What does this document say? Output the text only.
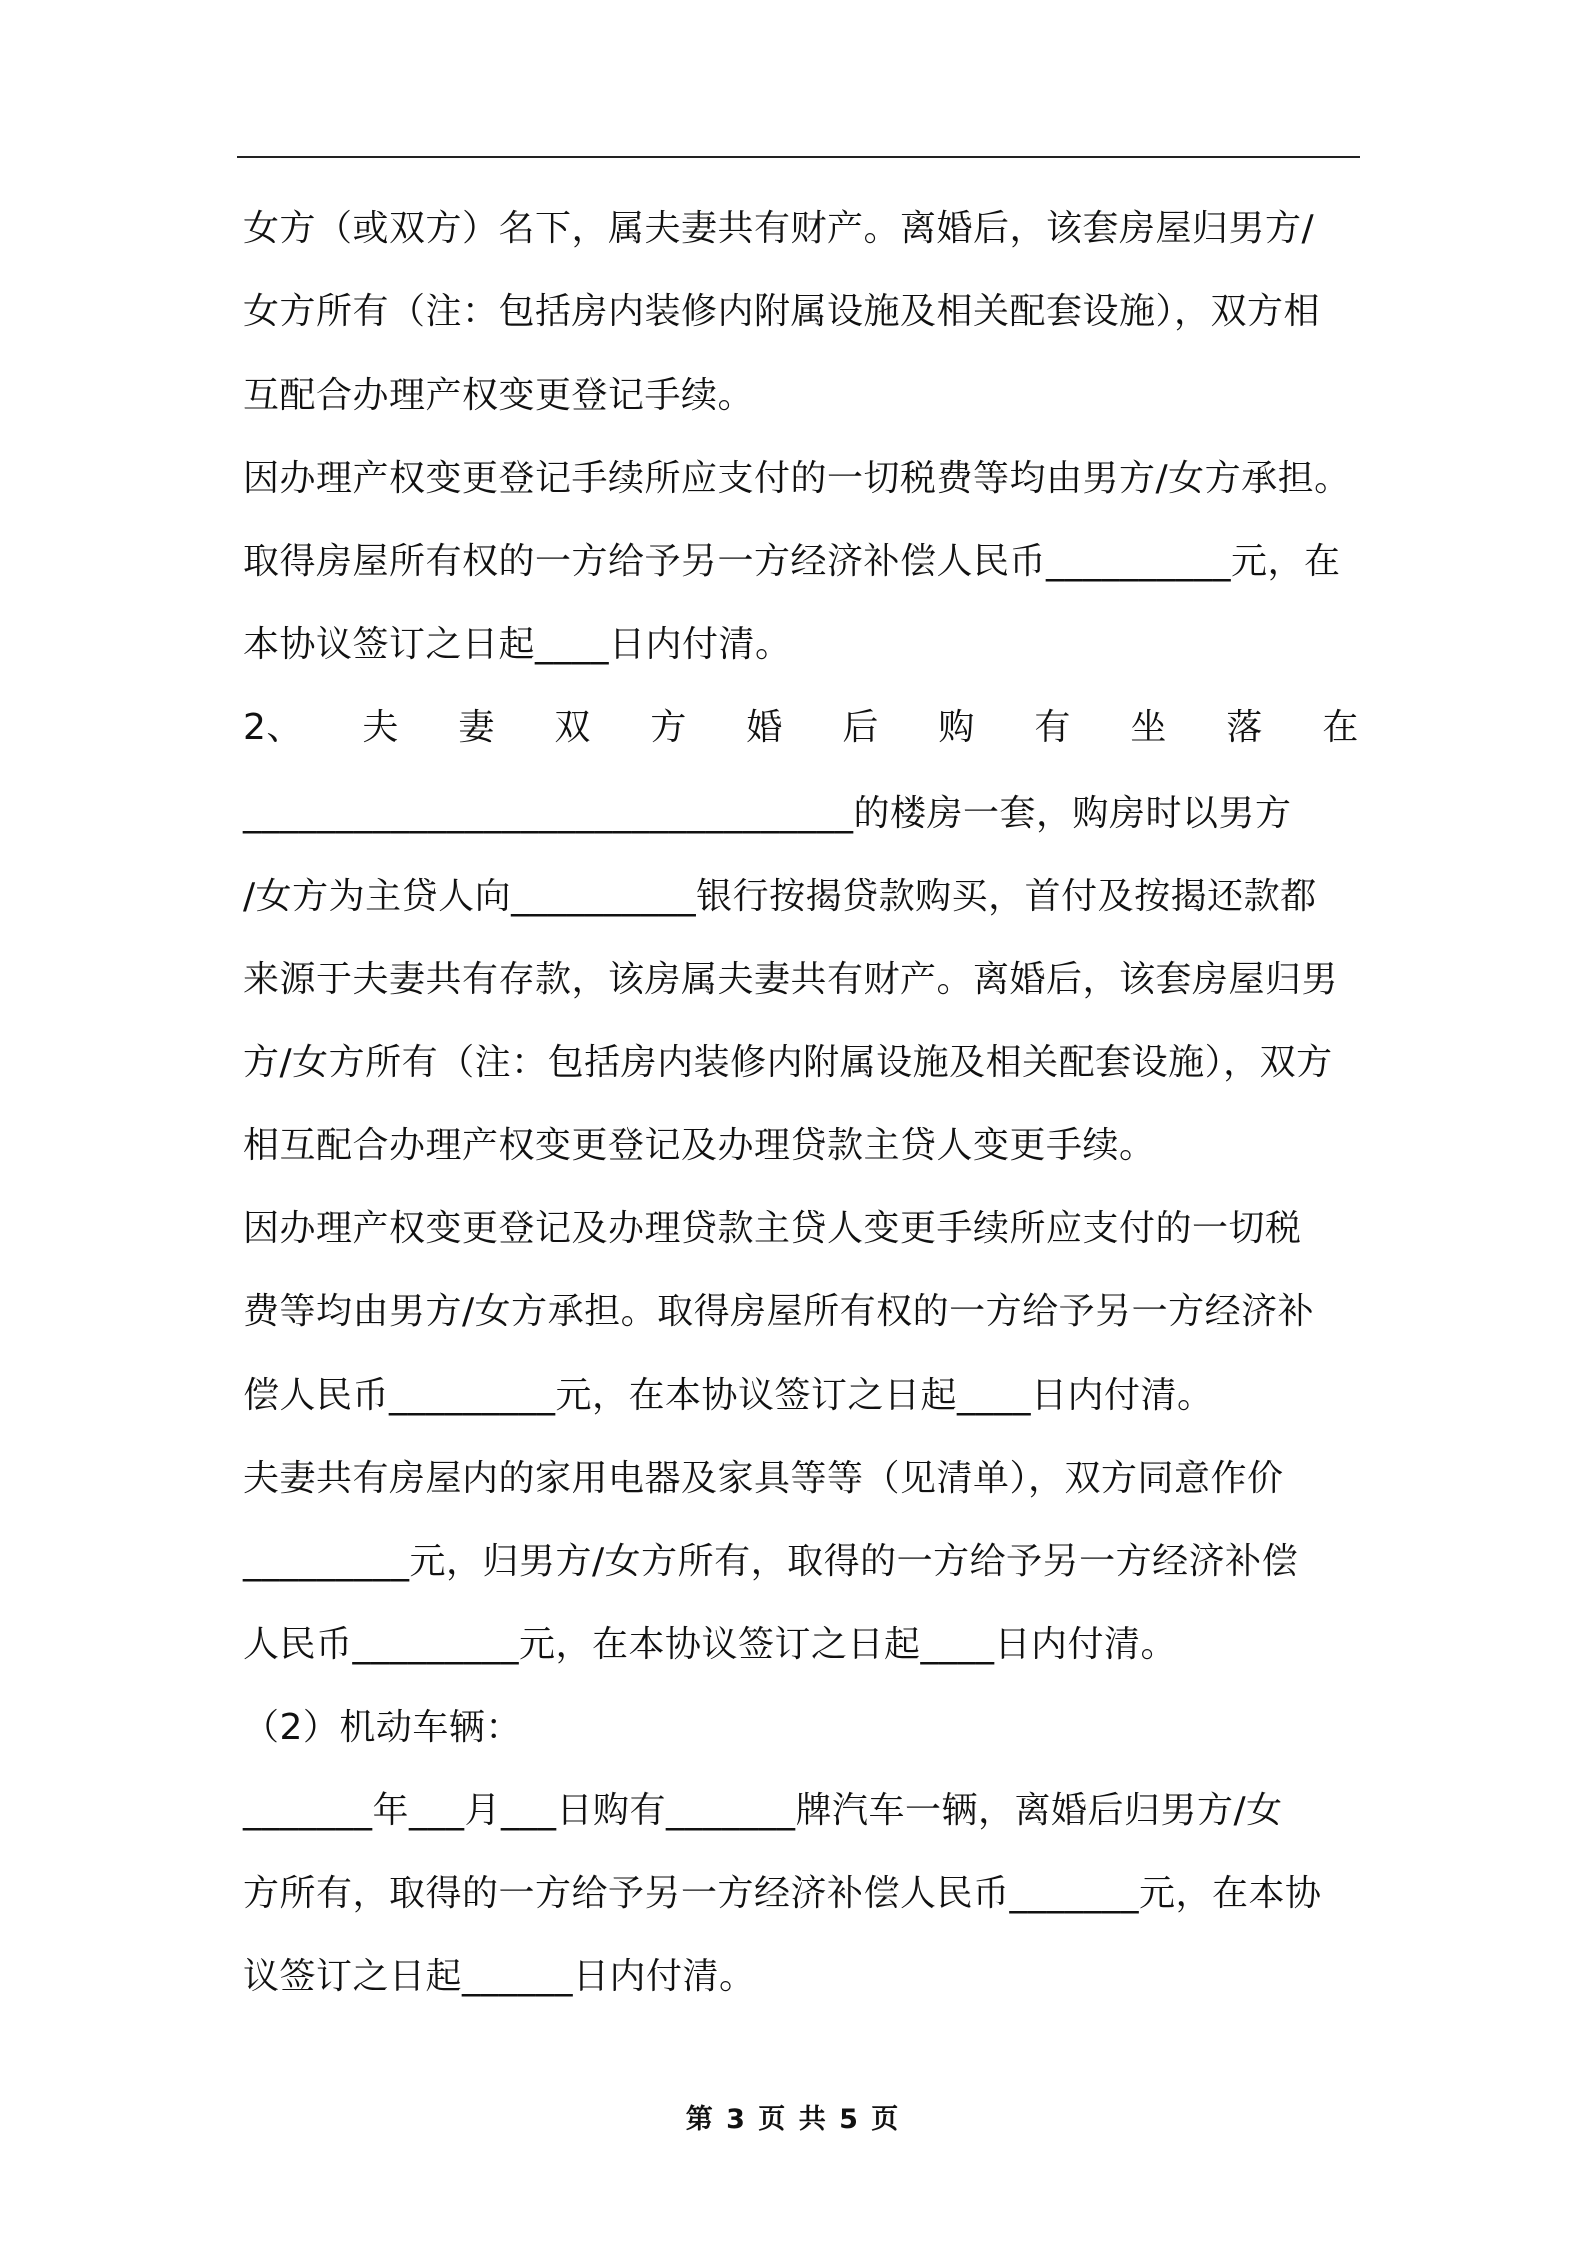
女方（或双方）名下，属夫妻共有财产。离婚后，该套房屋归男方/
女方所有（注：包括房内装修内附属设施及相关配套设施），双方相
互配合办理产权变更登记手续。
因办理产权变更登记手续所应支付的一切税费等均由男方/女方承担。
取得房屋所有权的一方给予另一方经济补偿人民币__________元，在
本协议签订之日起____日内付清。
2、 夫 妻 双 方 婚 后 购 有 坐 落 在
_________________________________的楼房一套，购房时以男方
/女方为主贷人向__________银行按揭贷款购买，首付及按揭还款都
来源于夫妻共有存款，该房属夫妻共有财产。离婚后，该套房屋归男
方/女方所有（注：包括房内装修内附属设施及相关配套设施），双方
相互配合办理产权变更登记及办理贷款主贷人变更手续。
因办理产权变更登记及办理贷款主贷人变更手续所应支付的一切税
费等均由男方/女方承担。取得房屋所有权的一方给予另一方经济补
偿人民币_________元，在本协议签订之日起____日内付清。
夫妻共有房屋内的家用电器及家具等等（见清单），双方同意作价
_________元，归男方/女方所有，取得的一方给予另一方经济补偿
人民币_________元，在本协议签订之日起____日内付清。
（2）机动车辆：
_______年___月___日购有_______牌汽车一辆，离婚后归男方/女
方所有，取得的一方给予另一方经济补偿人民币_______元，在本协
议签订之日起______日内付清。
第 3 页 共 5 页
